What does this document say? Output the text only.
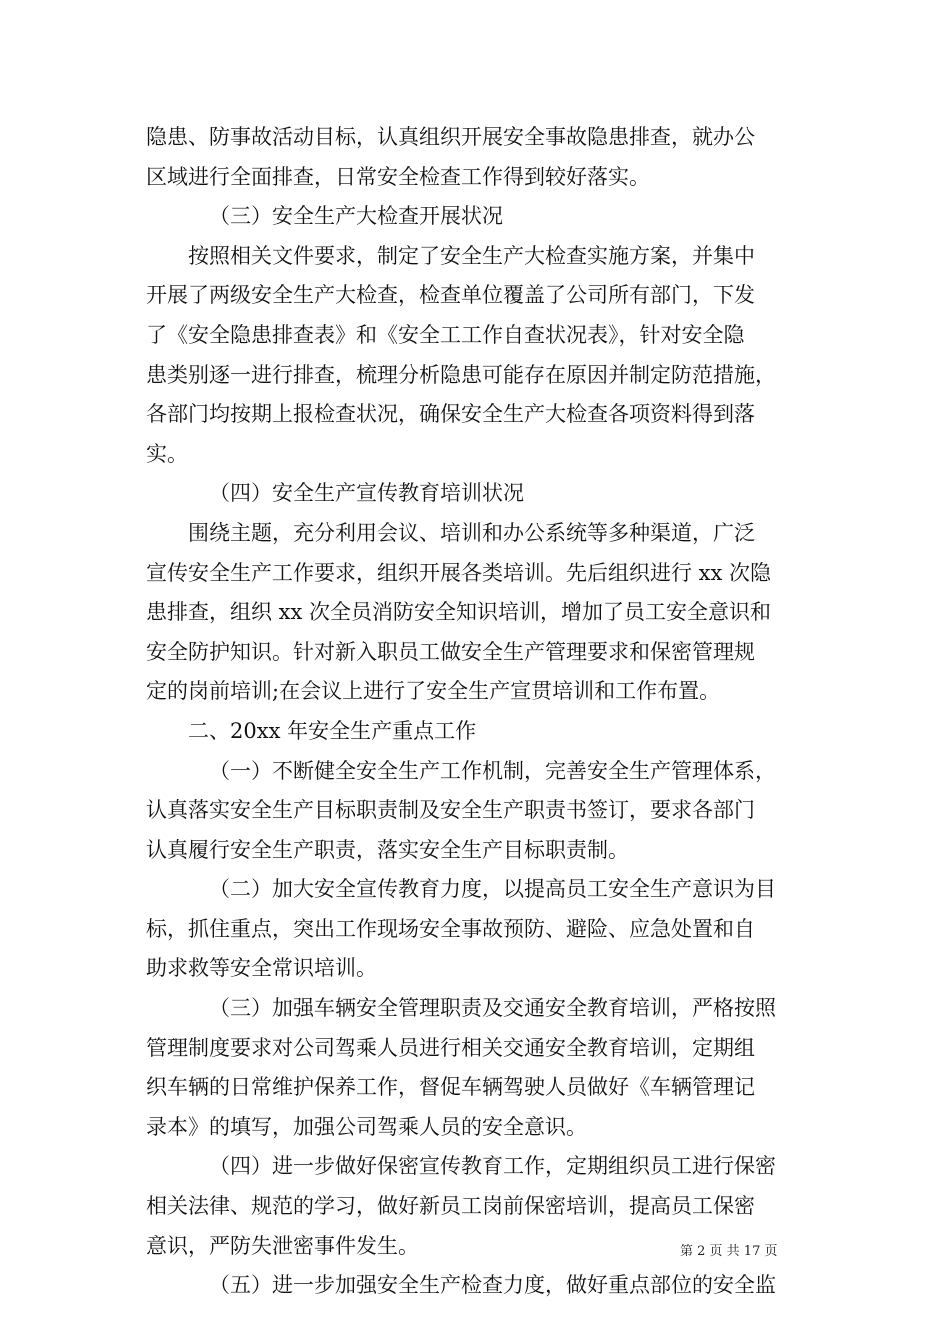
隐患、防事故活动目标，认真组织开展安全事故隐患排查，就办公
区域进行全面排查，日常安全检查工作得到较好落实。
（三）安全生产大检查开展状况
按照相关文件要求，制定了安全生产大检查实施方案，并集中
开展了两级安全生产大检查，检查单位覆盖了公司所有部门，下发
了《安全隐患排查表》和《安全工工作自查状况表》，针对安全隐
患类别逐一进行排查，梳理分析隐患可能存在原因并制定防范措施，
各部门均按期上报检查状况，确保安全生产大检查各项资料得到落
实。
（四）安全生产宣传教育培训状况
围绕主题，充分利用会议、培训和办公系统等多种渠道，广泛
宣传安全生产工作要求，组织开展各类培训。先后组织进行 xx 次隐
患排查，组织 xx 次全员消防安全知识培训，增加了员工安全意识和
安全防护知识。针对新入职员工做安全生产管理要求和保密管理规
定的岗前培训;在会议上进行了安全生产宣贯培训和工作布置。
二、20xx 年安全生产重点工作
（一）不断健全安全生产工作机制，完善安全生产管理体系，
认真落实安全生产目标职责制及安全生产职责书签订，要求各部门
认真履行安全生产职责，落实安全生产目标职责制。
（二）加大安全宣传教育力度，以提高员工安全生产意识为目
标，抓住重点，突出工作现场安全事故预防、避险、应急处置和自
助求救等安全常识培训。
（三）加强车辆安全管理职责及交通安全教育培训，严格按照
管理制度要求对公司驾乘人员进行相关交通安全教育培训，定期组
织车辆的日常维护保养工作，督促车辆驾驶人员做好《车辆管理记
录本》的填写，加强公司驾乘人员的安全意识。
（四）进一步做好保密宣传教育工作，定期组织员工进行保密
相关法律、规范的学习，做好新员工岗前保密培训，提高员工保密
意识，严防失泄密事件发生。
（五）进一步加强安全生产检查力度，做好重点部位的安全监
第 2 页 共 17 页
